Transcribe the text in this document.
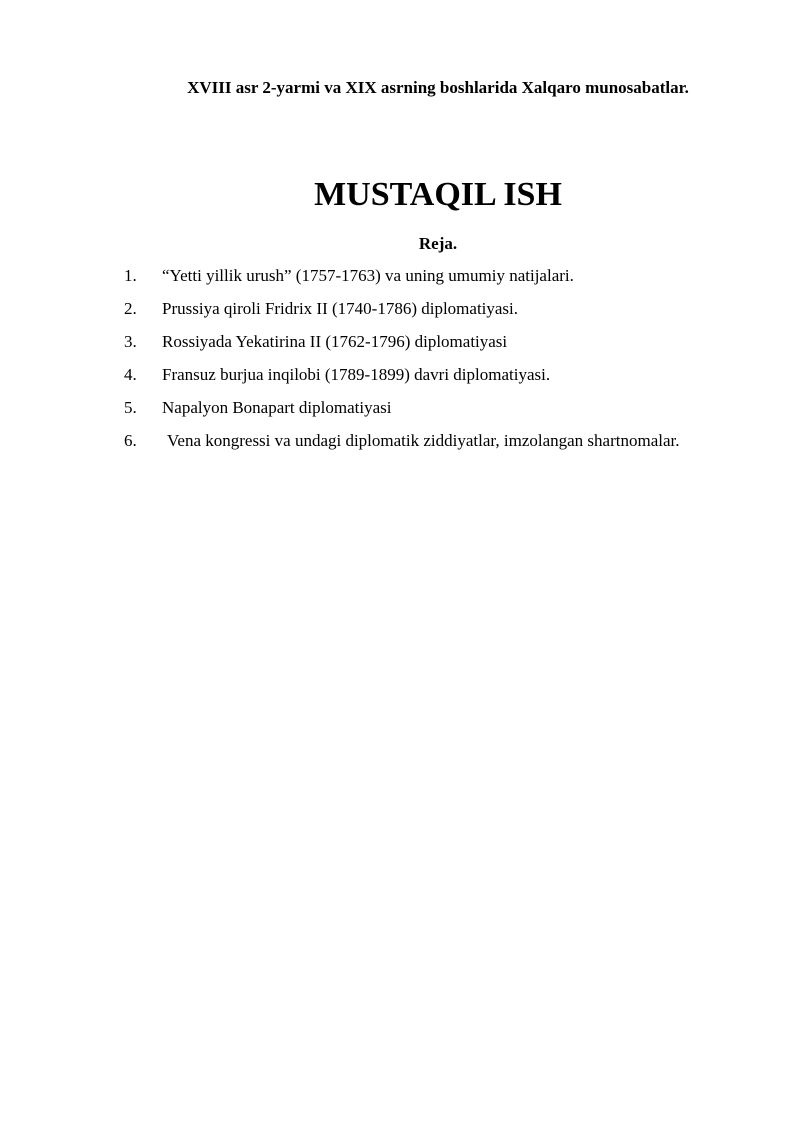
XVIII asr 2-yarmi va XIX asrning boshlarida Xalqaro munosabatlar.
MUSTAQIL ISH
Reja.
1.	“Yetti yillik urush” (1757-1763) va uning umumiy natijalari.
2.	Prussiya qiroli Fridrix II (1740-1786) diplomatiyasi.
3.	Rossiyada Yekatirina II (1762-1796) diplomatiyasi
4.	Fransuz burjua inqilobi (1789-1899) davri diplomatiyasi.
5.	Napalyon Bonapart diplomatiyasi
6.	Vena kongressi va undagi diplomatik ziddiyatlar, imzolangan shartnomalar.
